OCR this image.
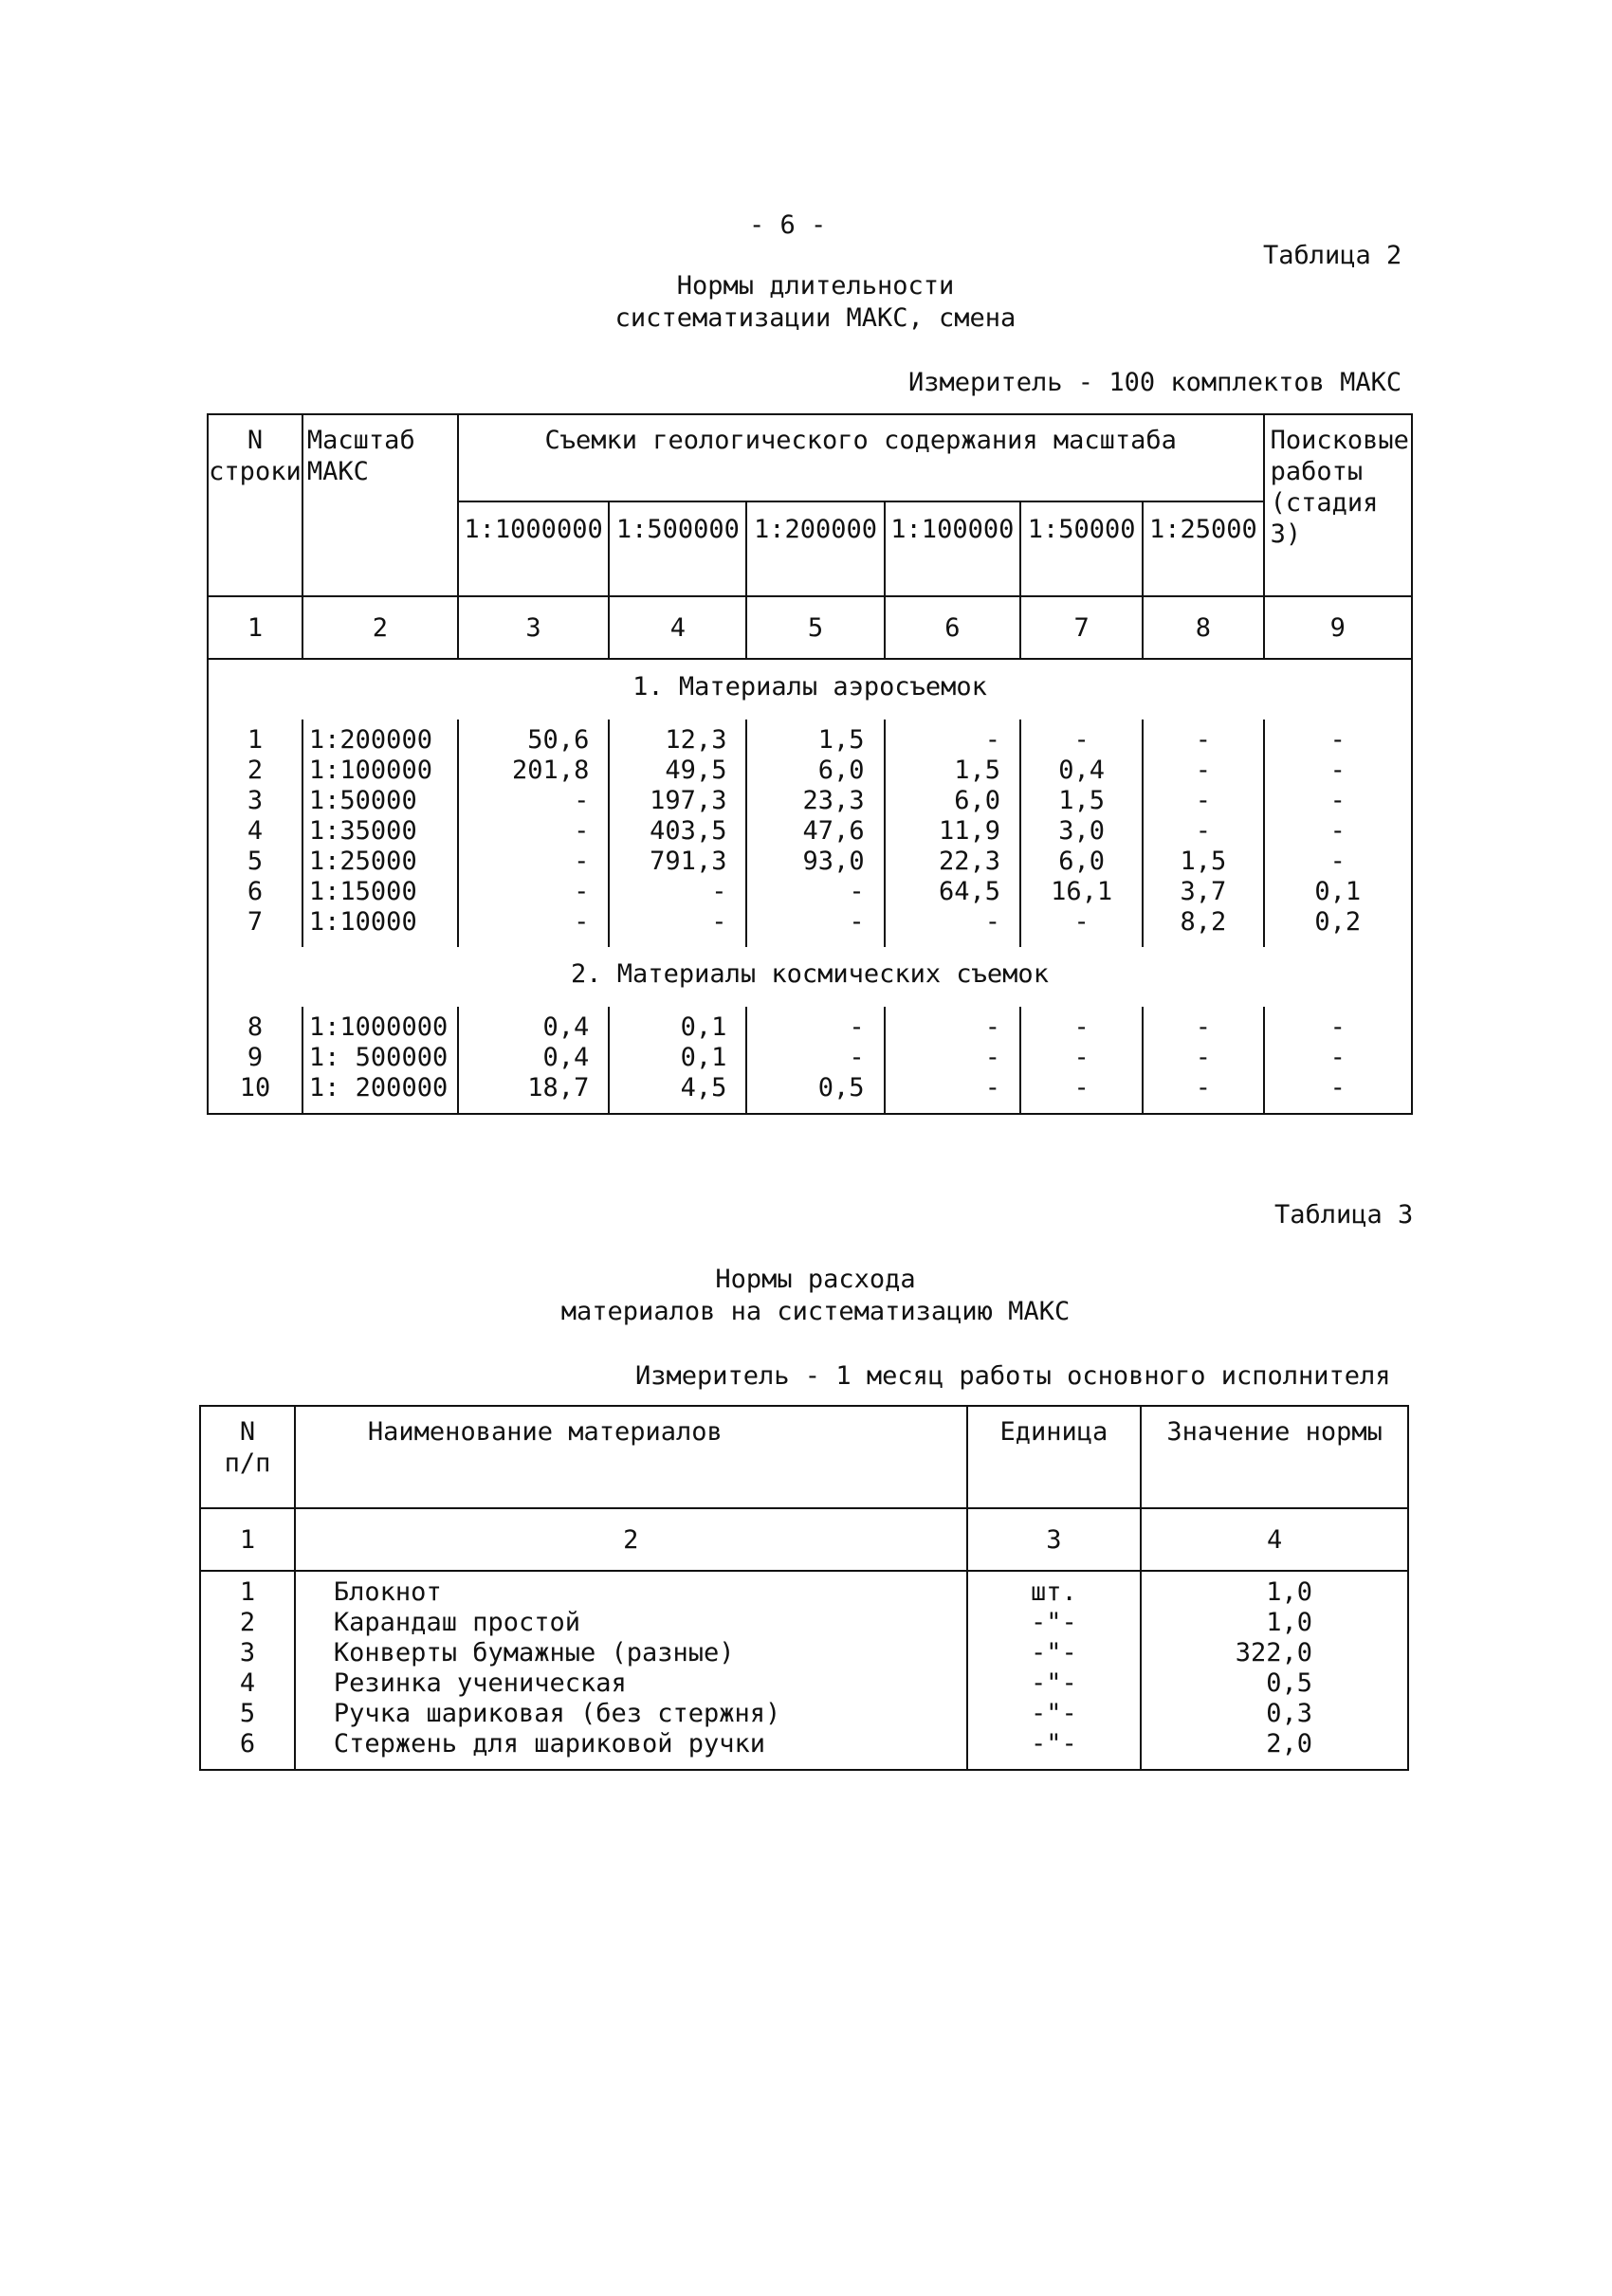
- 6 -
Таблица 2
Нормы длительности
систематизации МАКС, смена
Измеритель - 100 комплектов МАКС
N строки	Масштаб МАКС	Съемки геологического содержания масштаба						Поисковые работы (стадия 3)
		1:1000000	1:500000	1:200000	1:100000	1:50000	1:25000	
1	2	3	4	5	6	7	8	9
1. Материалы аэросъемок								
1	1:200000	50,6	12,3	1,5	-	-	-	-
2	1:100000	201,8	49,5	6,0	1,5	0,4	-	-
3	1:50000	-	197,3	23,3	6,0	1,5	-	-
4	1:35000	-	403,5	47,6	11,9	3,0	-	-
5	1:25000	-	791,3	93,0	22,3	6,0	1,5	-
6	1:15000	-	-	-	64,5	16,1	3,7	0,1
7	1:10000	-	-	-	-	-	8,2	0,2
2. Материалы космических съемок								
8	1:1000000	0,4	0,1	-	-	-	-	-
9	1: 500000	0,4	0,1	-	-	-	-	-
10	1: 200000	18,7	4,5	0,5	-	-	-	-
Таблица 3
Нормы расхода
материалов на систематизацию МАКС
Измеритель - 1 месяц работы основного исполнителя
N п/п	Наименование материалов	Единица	Значение нормы
1	2	3	4
1	Блокнот	шт.	1,0
2	Карандаш простой	-"-	1,0
3	Конверты бумажные (разные)	-"-	322,0
4	Резинка ученическая	-"-	0,5
5	Ручка шариковая (без стержня)	-"-	0,3
6	Стержень для шариковой ручки	-"-	2,0
